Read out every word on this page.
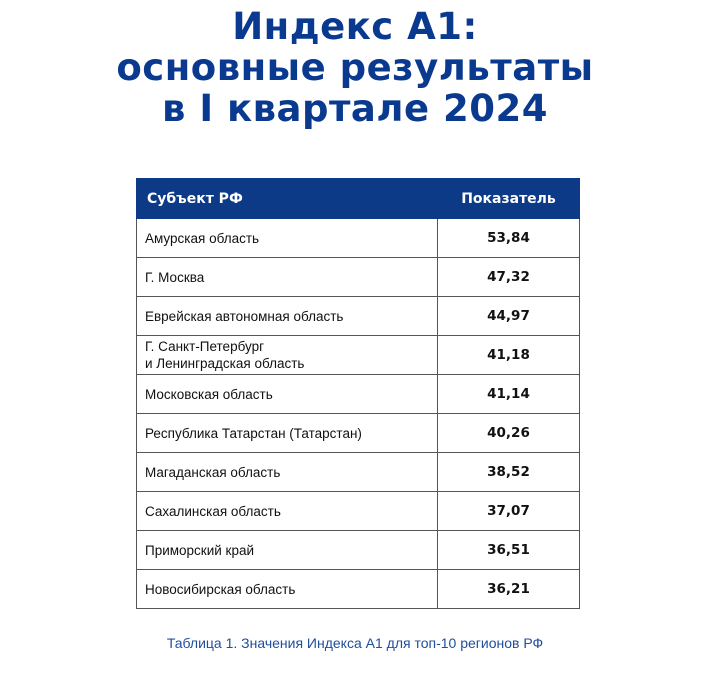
Индекс А1:
основные результаты
в I квартале 2024
Субъект РФ	Показатель
Амурская область	53,84
Г. Москва	47,32
Еврейская автономная область	44,97
Г. Санкт-Петербург
и Ленинградская область	41,18
Московская область	41,14
Республика Татарстан (Татарстан)	40,26
Магаданская область	38,52
Сахалинская область	37,07
Приморский край	36,51
Новосибирская область	36,21
Таблица 1. Значения Индекса А1 для топ-10 регионов РФ
